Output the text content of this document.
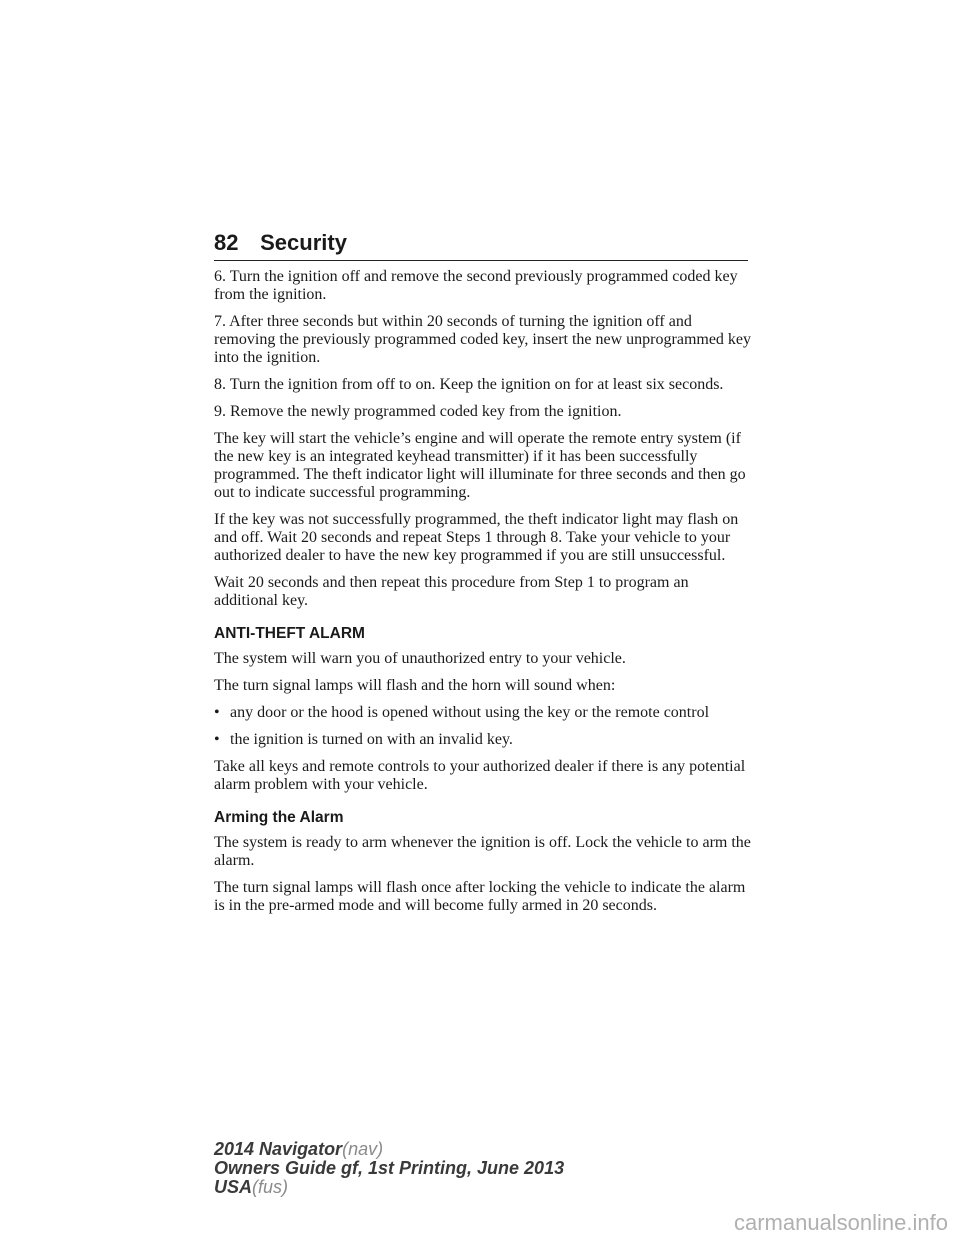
82 Security

6. Turn the ignition off and remove the second previously programmed coded key from the ignition.

7. After three seconds but within 20 seconds of turning the ignition off and removing the previously programmed coded key, insert the new unprogrammed key into the ignition.

8. Turn the ignition from off to on. Keep the ignition on for at least six seconds.

9. Remove the newly programmed coded key from the ignition.

The key will start the vehicle’s engine and will operate the remote entry system (if the new key is an integrated keyhead transmitter) if it has been successfully programmed. The theft indicator light will illuminate for three seconds and then go out to indicate successful programming.

If the key was not successfully programmed, the theft indicator light may flash on and off. Wait 20 seconds and repeat Steps 1 through 8. Take your vehicle to your authorized dealer to have the new key programmed if you are still unsuccessful.

Wait 20 seconds and then repeat this procedure from Step 1 to program an additional key.

ANTI-THEFT ALARM

The system will warn you of unauthorized entry to your vehicle.

The turn signal lamps will flash and the horn will sound when:

• any door or the hood is opened without using the key or the remote control
• the ignition is turned on with an invalid key.

Take all keys and remote controls to your authorized dealer if there is any potential alarm problem with your vehicle.

Arming the Alarm

The system is ready to arm whenever the ignition is off. Lock the vehicle to arm the alarm.

The turn signal lamps will flash once after locking the vehicle to indicate the alarm is in the pre-armed mode and will become fully armed in 20 seconds.

2014 Navigator(nav)
Owners Guide gf, 1st Printing, June 2013
USA(fus)
carmanualsonline.info
